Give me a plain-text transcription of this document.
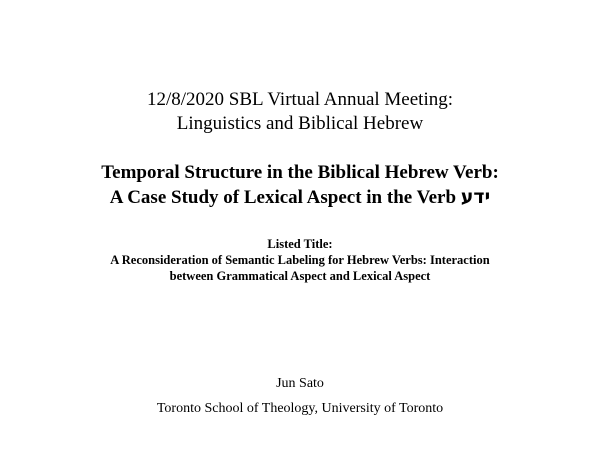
12/8/2020 SBL Virtual Annual Meeting:
Linguistics and Biblical Hebrew
Temporal Structure in the Biblical Hebrew Verb:
A Case Study of Lexical Aspect in the Verb ידע
Listed Title:
A Reconsideration of Semantic Labeling for Hebrew Verbs: Interaction
between Grammatical Aspect and Lexical Aspect
Jun Sato
Toronto School of Theology, University of Toronto
